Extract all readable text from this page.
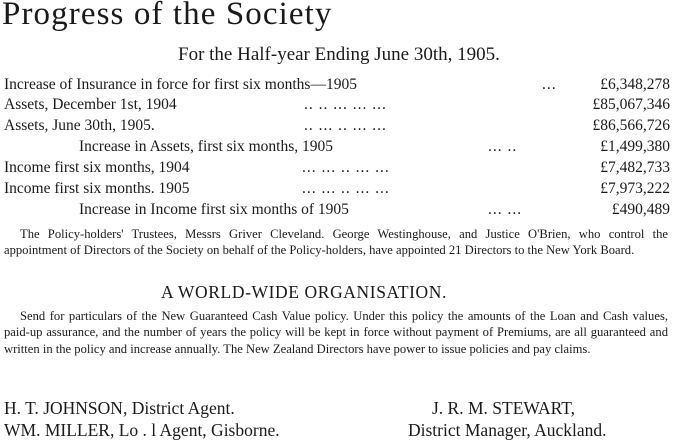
Progress of the Society
For the Half-year Ending June 30th, 1905.
Increase of Insurance in force for first six months—1905	...	£6,348,278
Assets, December 1st, 1904	.. .. ... ... ...	£85,067,346
Assets, June 30th, 1905.	.. ... .. ... ...	£86,566,726
Increase in Assets, first six months, 1905	... ..	£1,499,380
Income first six months, 1904	... ... .. ... ...	£7,482,733
Income first six months. 1905	... ... .. ... ...	£7,973,222
Increase in Income first six months of 1905	... ...	£490,489

The Policy-holders' Trustees, Messrs Griver Cleveland. George Westinghouse, and Justice O'Brien, who control the appointment of Directors of the Society on behalf of the Policy-holders, have appointed 21 Directors to the New York Board.

A WORLD-WIDE ORGANISATION.

Send for particulars of the New Guaranteed Cash Value policy. Under this policy the amounts of the Loan and Cash values, paid-up assurance, and the number of years the policy will be kept in force without payment of Premiums, are all guaranteed and written in the policy and increase annually. The New Zealand Directors have power to issue policies and pay claims.

H. T. JOHNSON, District Agent.
WM. MILLER, Lo . l Agent, Gisborne.
J. R. M. STEWART,
District Manager, Auckland.
